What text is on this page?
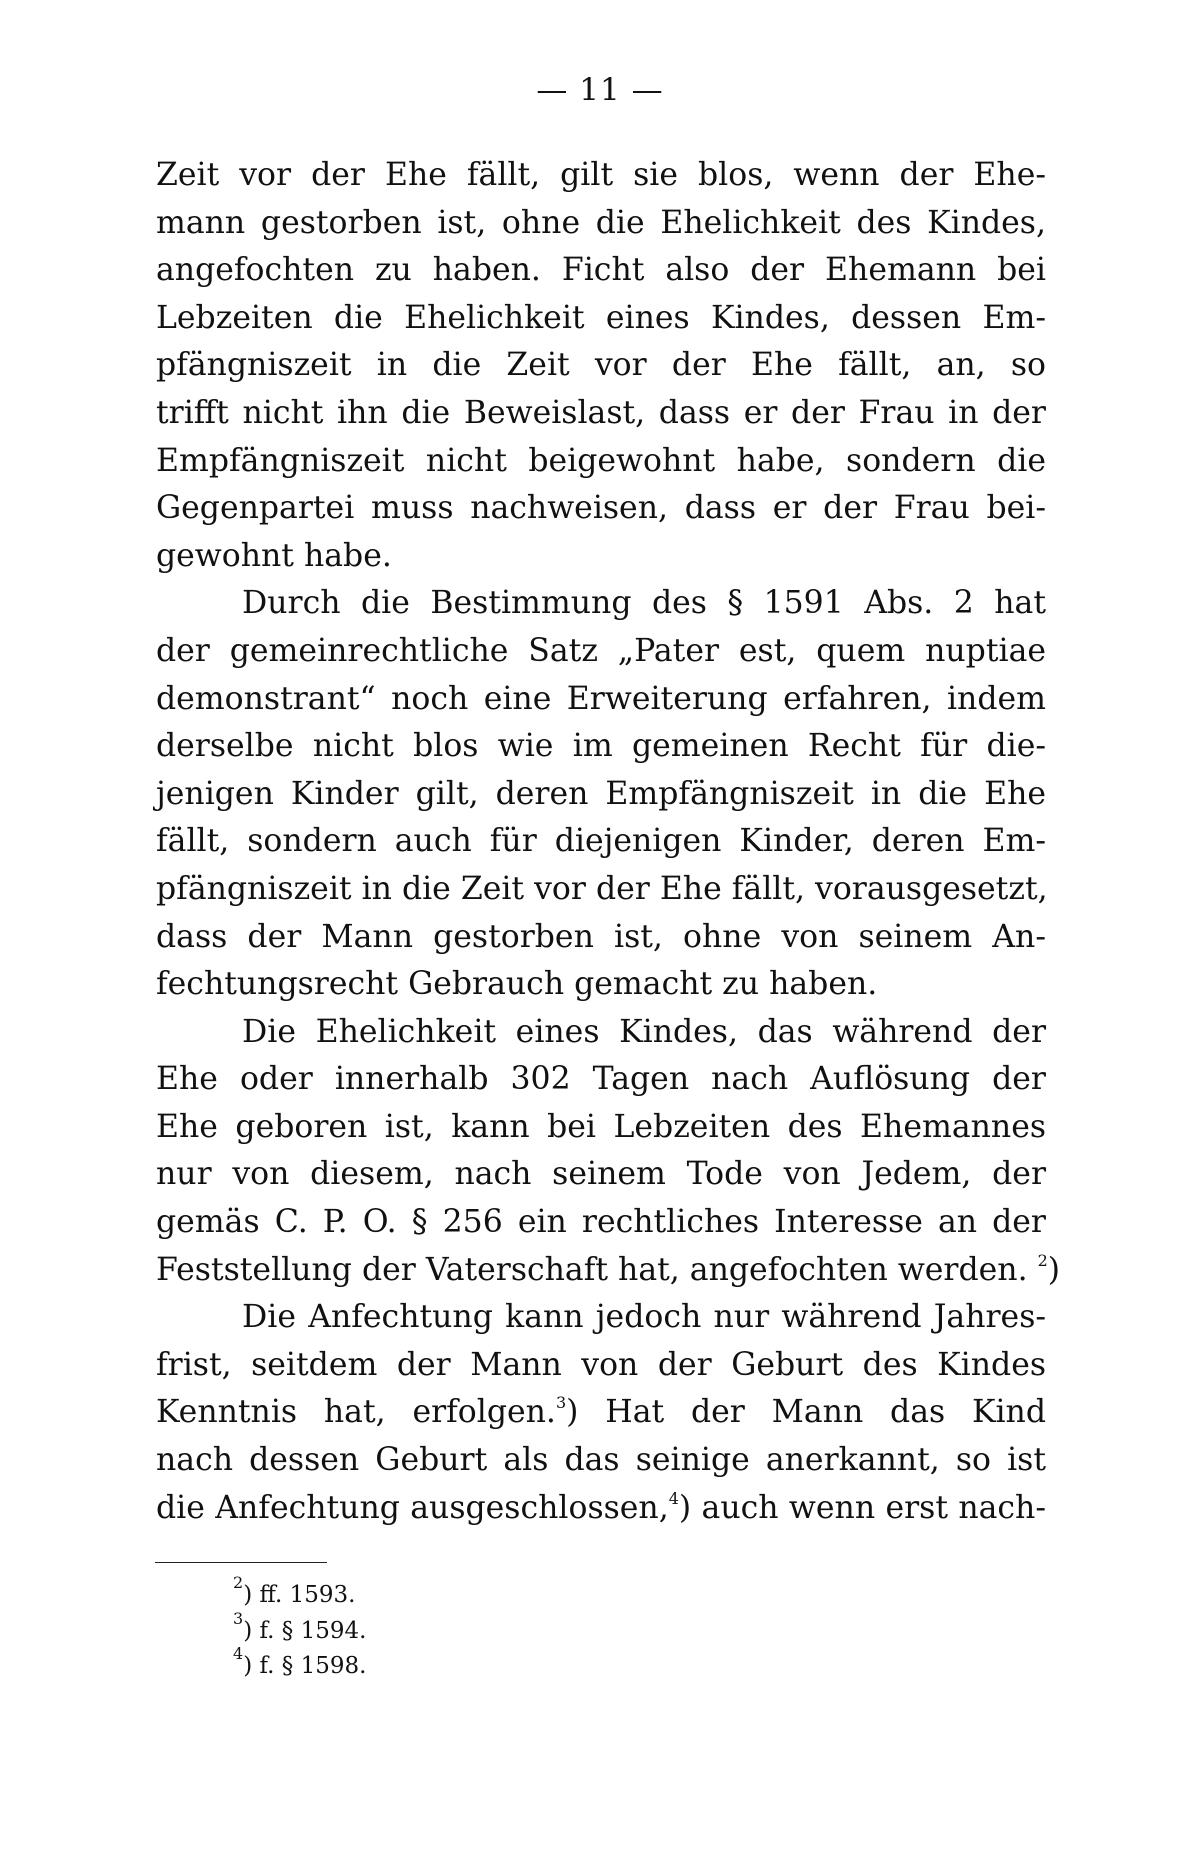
— 11 —
Zeit vor der Ehe fällt, gilt sie blos, wenn der Ehe-
mann gestorben ist, ohne die Ehelichkeit des Kindes,
angefochten zu haben. Ficht also der Ehemann bei
Lebzeiten die Ehelichkeit eines Kindes, dessen Em-
pfängniszeit in die Zeit vor der Ehe fällt, an, so
trifft nicht ihn die Beweislast, dass er der Frau in der
Empfängniszeit nicht beigewohnt habe, sondern die
Gegenpartei muss nachweisen, dass er der Frau bei-
gewohnt habe.
Durch die Bestimmung des § 1591 Abs. 2 hat
der gemeinrechtliche Satz „Pater est, quem nuptiae
demonstrant“ noch eine Erweiterung erfahren, indem
derselbe nicht blos wie im gemeinen Recht für die-
jenigen Kinder gilt, deren Empfängniszeit in die Ehe
fällt, sondern auch für diejenigen Kinder, deren Em-
pfängniszeit in die Zeit vor der Ehe fällt, vorausgesetzt,
dass der Mann gestorben ist, ohne von seinem An-
fechtungsrecht Gebrauch gemacht zu haben.
Die Ehelichkeit eines Kindes, das während der
Ehe oder innerhalb 302 Tagen nach Auflösung der
Ehe geboren ist, kann bei Lebzeiten des Ehemannes
nur von diesem, nach seinem Tode von Jedem, der
gemäs C. P. O. § 256 ein rechtliches Interesse an der
Feststellung der Vaterschaft hat, angefochten werden. $^2$)
Die Anfechtung kann jedoch nur während Jahres-
frist, seitdem der Mann von der Geburt des Kindes
Kenntnis hat, erfolgen.$^3$) Hat der Mann das Kind
nach dessen Geburt als das seinige anerkannt, so ist
die Anfechtung ausgeschlossen,$^4$) auch wenn erst nach-
$^2$) ff. 1593.
$^3$) f. § 1594.
$^4$) f. § 1598.
